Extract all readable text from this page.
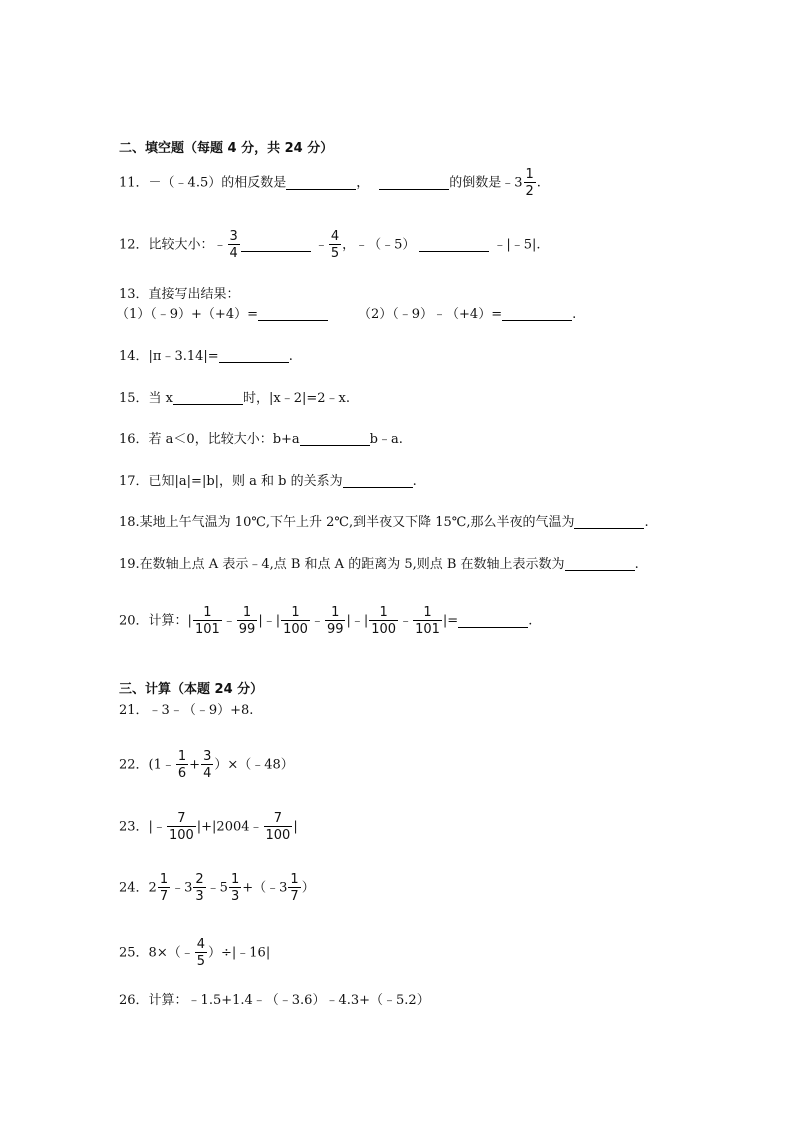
二、填空题（每题 4 分，共 24 分）
11．－（﹣4.5）的相反数是	，	的倒数是﹣3 $\frac{1}{2}$ .
12．比较大小：﹣ $\frac{3}{4}$	﹣ $\frac{4}{5}$ ，﹣（﹣5）	﹣|﹣5|.
13．直接写出结果：
（1）（﹣9）+（+4）=	（2）（﹣9）﹣（+4）=	.
14．|π﹣3.14|=	.
15．当 x	时，|x﹣2|=2﹣x.
16．若 a＜0，比较大小：b+a	b﹣a.
17．已知|a|=|b|，则 a 和 b 的关系为	.
18.某地上午气温为 10℃,下午上升 2℃,到半夜又下降 15℃,那么半夜的气温为	.
19.在数轴上点 A 表示﹣4,点 B 和点 A 的距离为 5,则点 B 在数轴上表示数为	.
20．计算：| $\frac{1}{101}$ ﹣ $\frac{1}{99}$ |﹣| $\frac{1}{100}$ ﹣ $\frac{1}{99}$ |﹣| $\frac{1}{100}$ ﹣ $\frac{1}{101}$ |=	.
三、计算（本题 24 分）
21．﹣3﹣（﹣9）+8.
22．(1﹣ $\frac{1}{6} + \frac{3}{4}$ ）×（﹣48）
23．|﹣ $\frac{7}{100}$ |+|2004﹣ $\frac{7}{100}$ |
24．$2 \frac{1}{7}$ ﹣3 $\frac{2}{3}$ ﹣5 $\frac{1}{3}$ +（﹣3 $\frac{1}{7}$ ）
25．8×（﹣ $\frac{4}{5}$ ）÷|﹣16|
26．计算：﹣1.5+1.4﹣（﹣3.6）﹣4.3+（﹣5.2）
